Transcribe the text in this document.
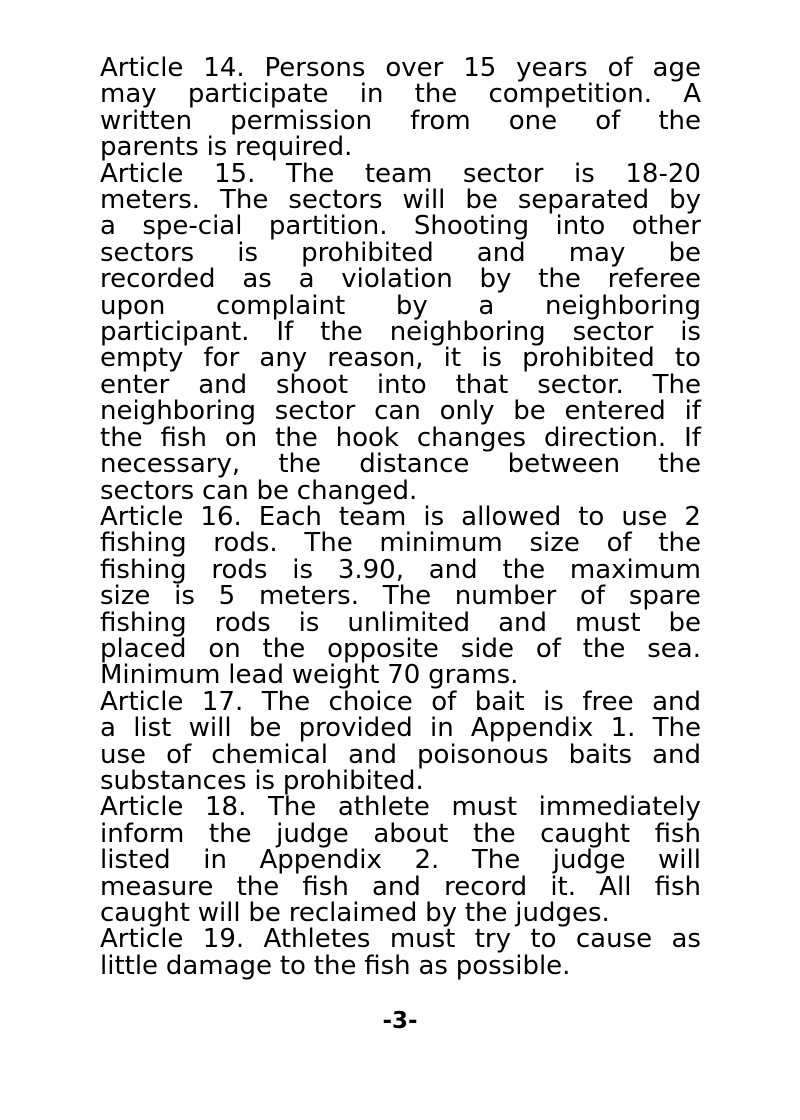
Article 14. Persons over 15 years of age
may participate in the competition. A
written permission from one of the
parents is required.
Article 15. The team sector is 18-20
meters. The sectors will be separated by
a spe-cial partition. Shooting into other
sectors is prohibited and may be
recorded as a violation by the referee
upon complaint by a neighboring
participant. If the neighboring sector is
empty for any reason, it is prohibited to
enter and shoot into that sector. The
neighboring sector can only be entered if
the fish on the hook changes direction. If
necessary, the distance between the
sectors can be changed.
Article 16. Each team is allowed to use 2
fishing rods. The minimum size of the
fishing rods is 3.90, and the maximum
size is 5 meters. The number of spare
fishing rods is unlimited and must be
placed on the opposite side of the sea.
Minimum lead weight 70 grams.
Article 17. The choice of bait is free and
a list will be provided in Appendix 1. The
use of chemical and poisonous baits and
substances is prohibited.
Article 18. The athlete must immediately
inform the judge about the caught fish
listed in Appendix 2. The judge will
measure the fish and record it. All fish
caught will be reclaimed by the judges.
Article 19. Athletes must try to cause as
little damage to the fish as possible.
-3-
